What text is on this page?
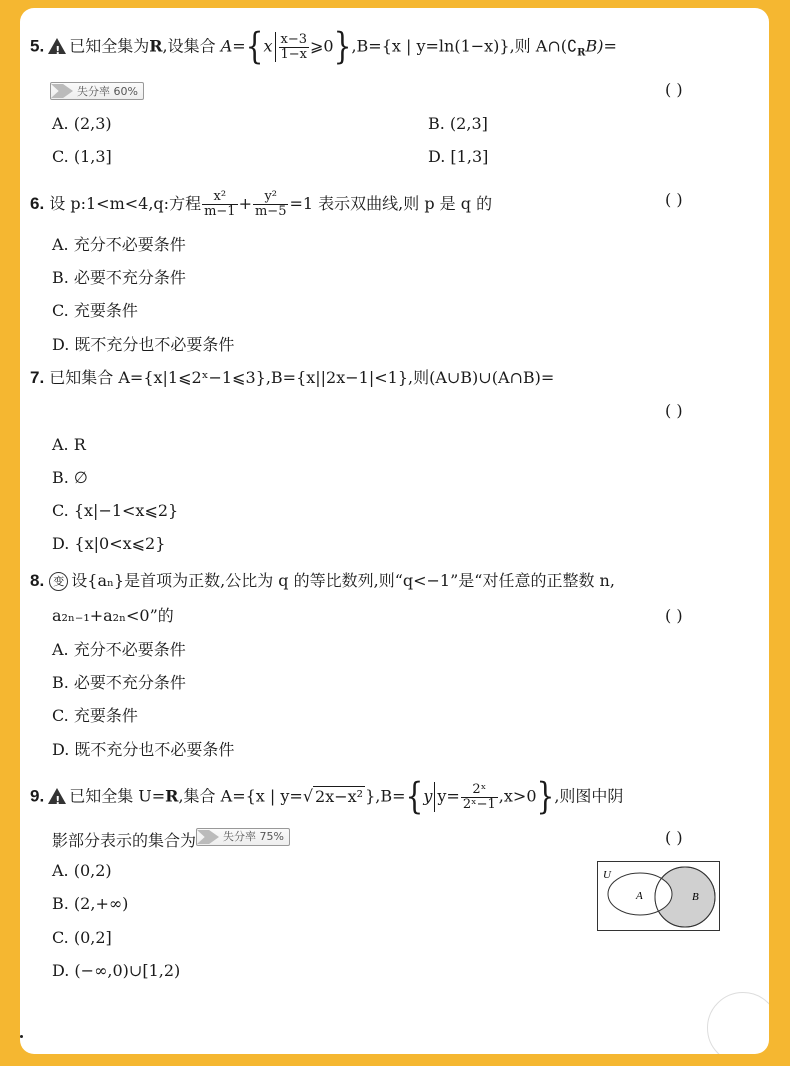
5. ! 已知全集为R,设集合 $A=\{x \frac{x-3}{1-x}$ ⩾0},B={x | y=ln(1−x)},则 $A\cap(∁_RB)=$
失分率 60%	( )
A. (2,3)	B. (2,3]
C. (1,3]	D. [1,3]
6. 设 p:1<m<4,q:方程 $\frac{\text{x²}}{m-1} + \frac{\text{y²}}{m-5} =1$ 表示双曲线,则 p 是 q 的	( )
A. 充分不必要条件
B. 必要不充分条件
C. 充要条件
D. 既不充分也不必要条件
7. 已知集合 A={x|1⩽2ˣ−1⩽3},B={x||2x−1|<1},则(A∪B)∪(A∩B)=
( )
A. R
B. ∅
C. {x|−1<x⩽2}
D. {x|0<x⩽2}
8. 变 设{aₙ}是首项为正数,公比为 q 的等比数列,则“q<−1”是“对任意的正整数 n,
a₂ₙ₋₁+a₂ₙ<0”的	( )
A. 充分不必要条件
B. 必要不充分条件
C. 充要条件
D. 既不充分也不必要条件
9. ! 已知全集 U=R,集合 A={x | y=√ 2x−x² },B={y $y= \frac{\text{2ˣ}}{\text{2ˣ−1}} ,x>0$},则图中阴
影部分表示的集合为 失分率 75%	( )
A. (0,2)
B. (2,+∞)
C. (0,2]
D. (−∞,0)∪[1,2)
U
A	B
